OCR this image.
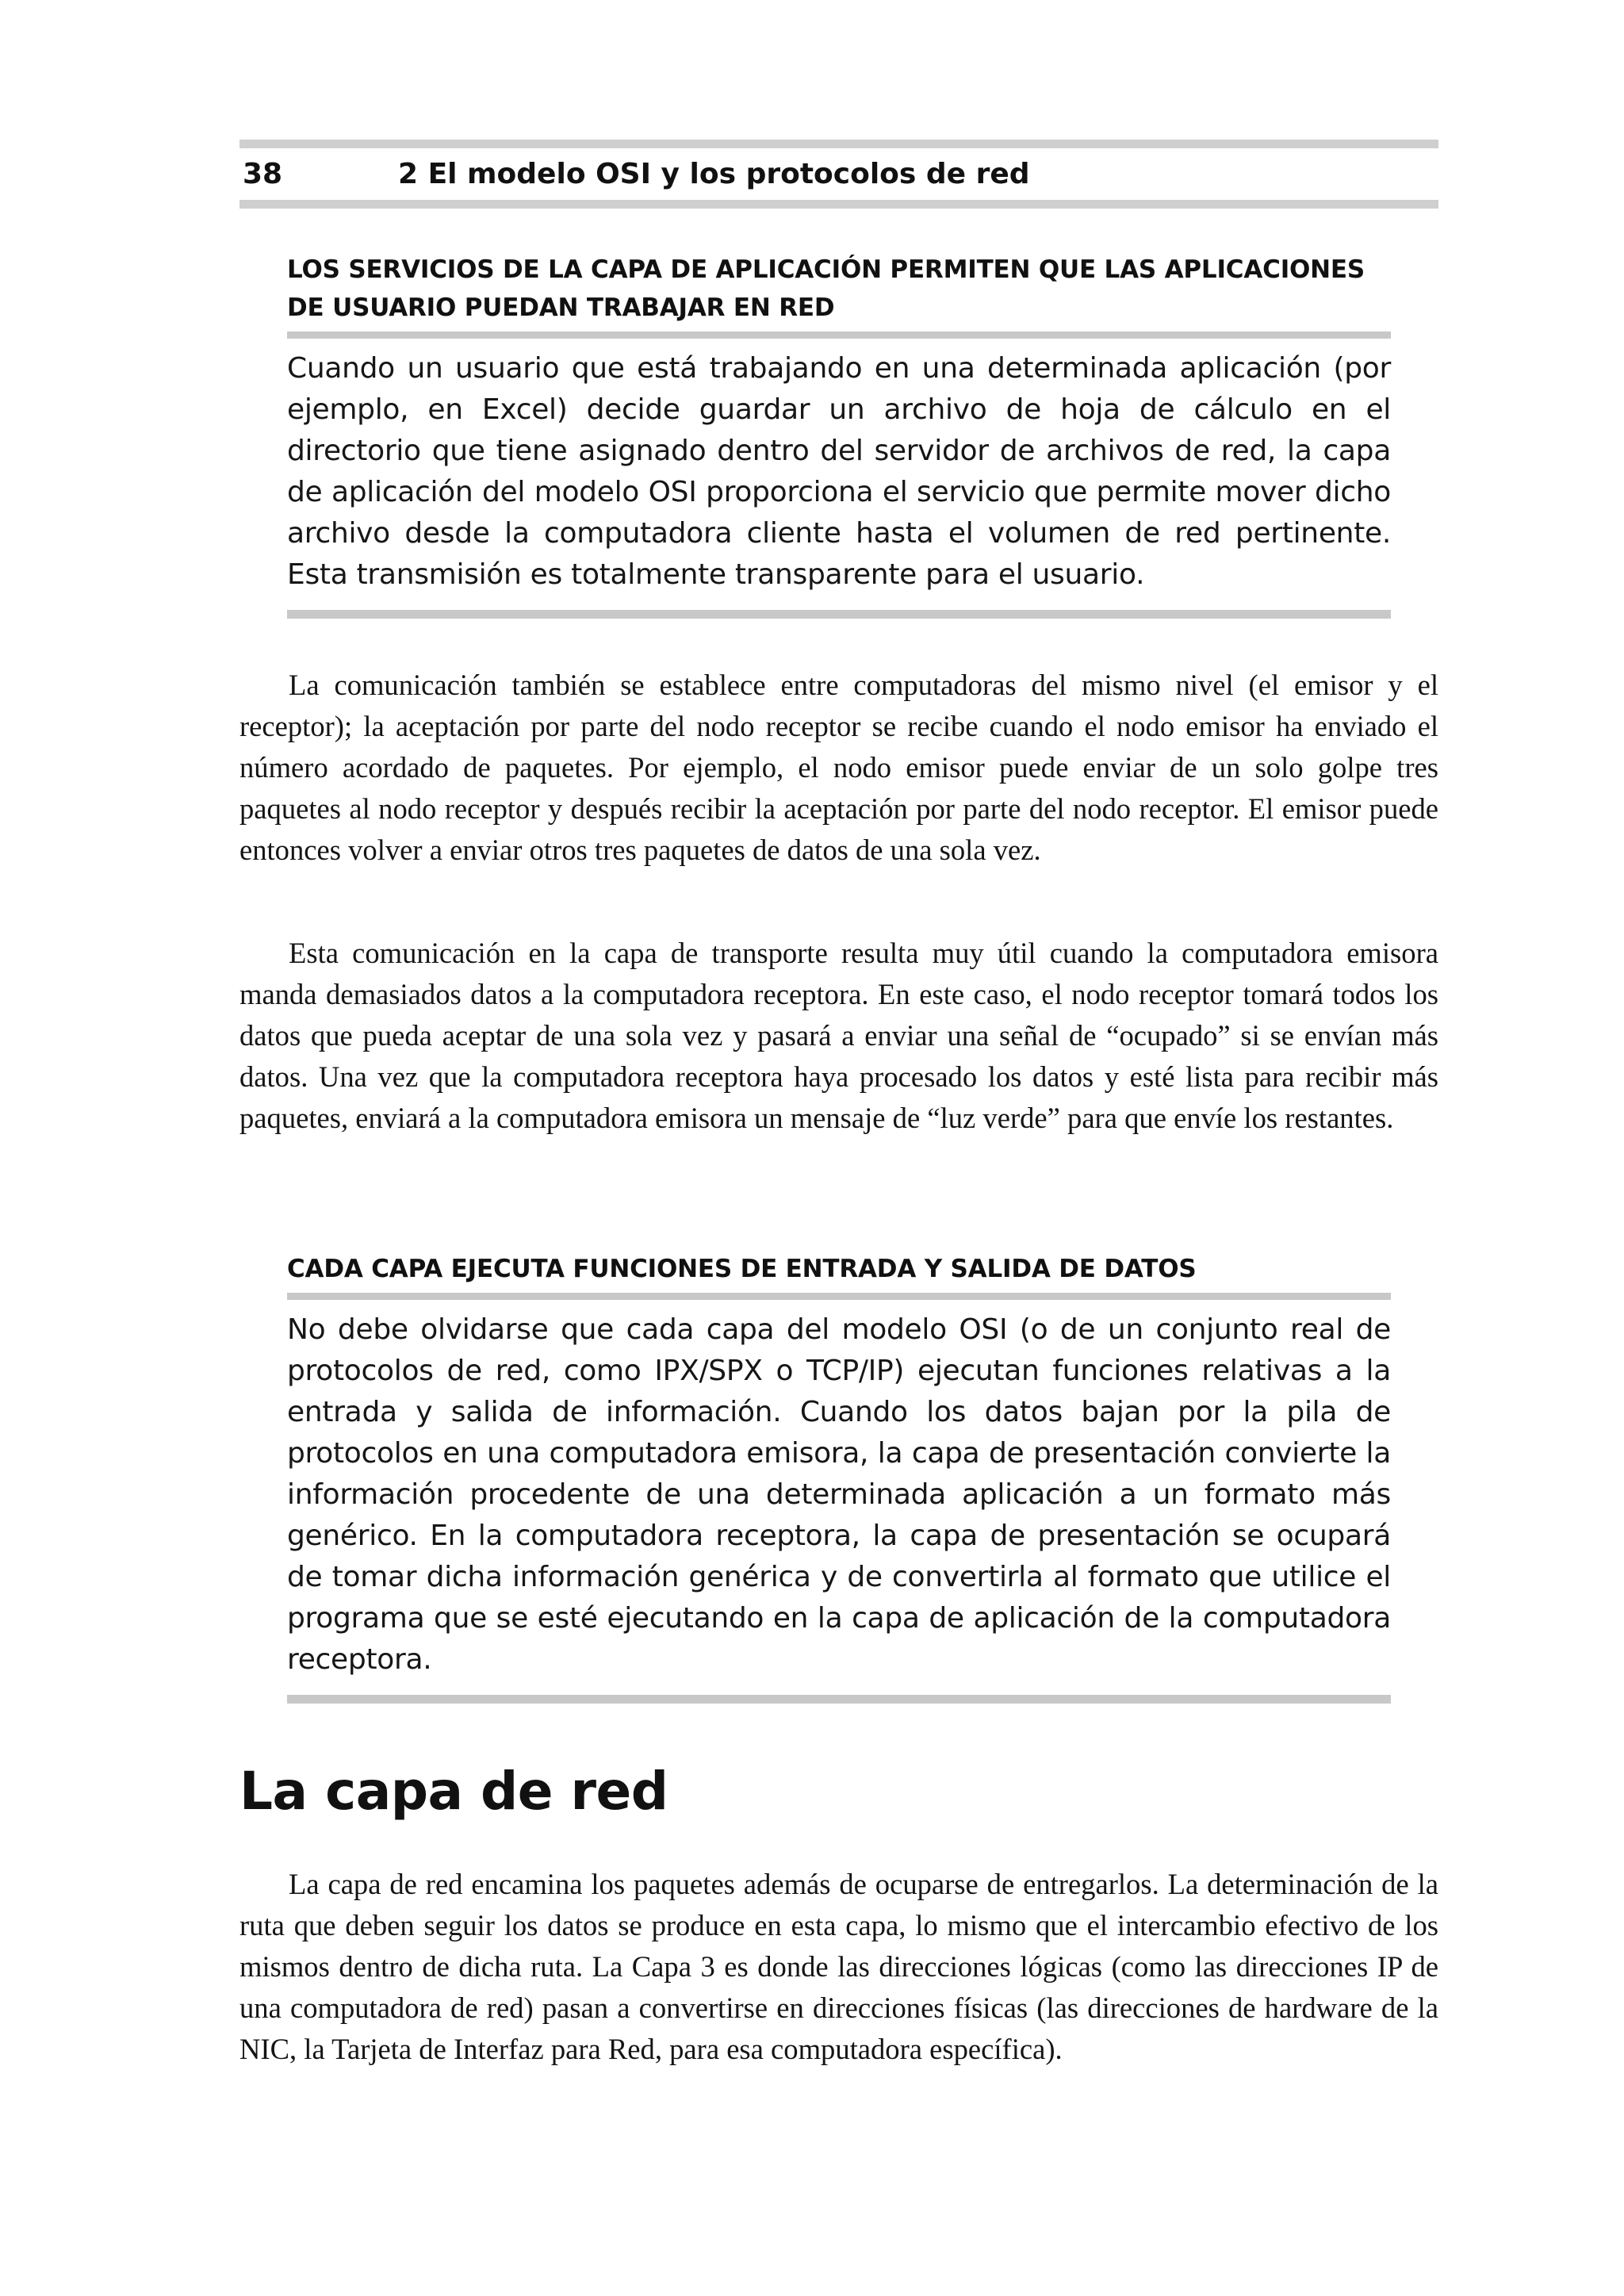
38	2 El modelo OSI y los protocolos de red
LOS SERVICIOS DE LA CAPA DE APLICACIÓN PERMITEN QUE LAS APLICACIONES DE USUARIO PUEDAN TRABAJAR EN RED
Cuando un usuario que está trabajando en una determinada aplicación (por ejemplo, en Excel) decide guardar un archivo de hoja de cálculo en el directorio que tiene asignado dentro del servidor de archivos de red, la capa de aplicación del modelo OSI proporciona el servicio que permite mover dicho archivo desde la computadora cliente hasta el volumen de red pertinente. Esta transmisión es totalmente transparente para el usuario.

La comunicación también se establece entre computadoras del mismo nivel (el emisor y el receptor); la aceptación por parte del nodo receptor se recibe cuando el nodo emisor ha enviado el número acordado de paquetes. Por ejemplo, el nodo emisor puede enviar de un solo golpe tres paquetes al nodo receptor y después recibir la aceptación por parte del nodo receptor. El emisor puede entonces volver a enviar otros tres paquetes de datos de una sola vez.

Esta comunicación en la capa de transporte resulta muy útil cuando la computadora emisora manda demasiados datos a la computadora receptora. En este caso, el nodo receptor tomará todos los datos que pueda aceptar de una sola vez y pasará a enviar una señal de “ocupado” si se envían más datos. Una vez que la computadora receptora haya procesado los datos y esté lista para recibir más paquetes, enviará a la computadora emisora un mensaje de “luz verde” para que envíe los restantes.

CADA CAPA EJECUTA FUNCIONES DE ENTRADA Y SALIDA DE DATOS
No debe olvidarse que cada capa del modelo OSI (o de un conjunto real de protocolos de red, como IPX/SPX o TCP/IP) ejecutan funciones relativas a la entrada y salida de información. Cuando los datos bajan por la pila de protocolos en una computadora emisora, la capa de presentación convierte la información procedente de una determinada aplicación a un formato más genérico. En la computadora receptora, la capa de presentación se ocupará de tomar dicha información genérica y de convertirla al formato que utilice el programa que se esté ejecutando en la capa de aplicación de la computadora receptora.
La capa de red

La capa de red encamina los paquetes además de ocuparse de entregarlos. La determinación de la ruta que deben seguir los datos se produce en esta capa, lo mismo que el intercambio efectivo de los mismos dentro de dicha ruta. La Capa 3 es donde las direcciones lógicas (como las direcciones IP de una computadora de red) pasan a convertirse en direcciones físicas (las direcciones de hardware de la NIC, la Tarjeta de Interfaz para Red, para esa computadora específica).
